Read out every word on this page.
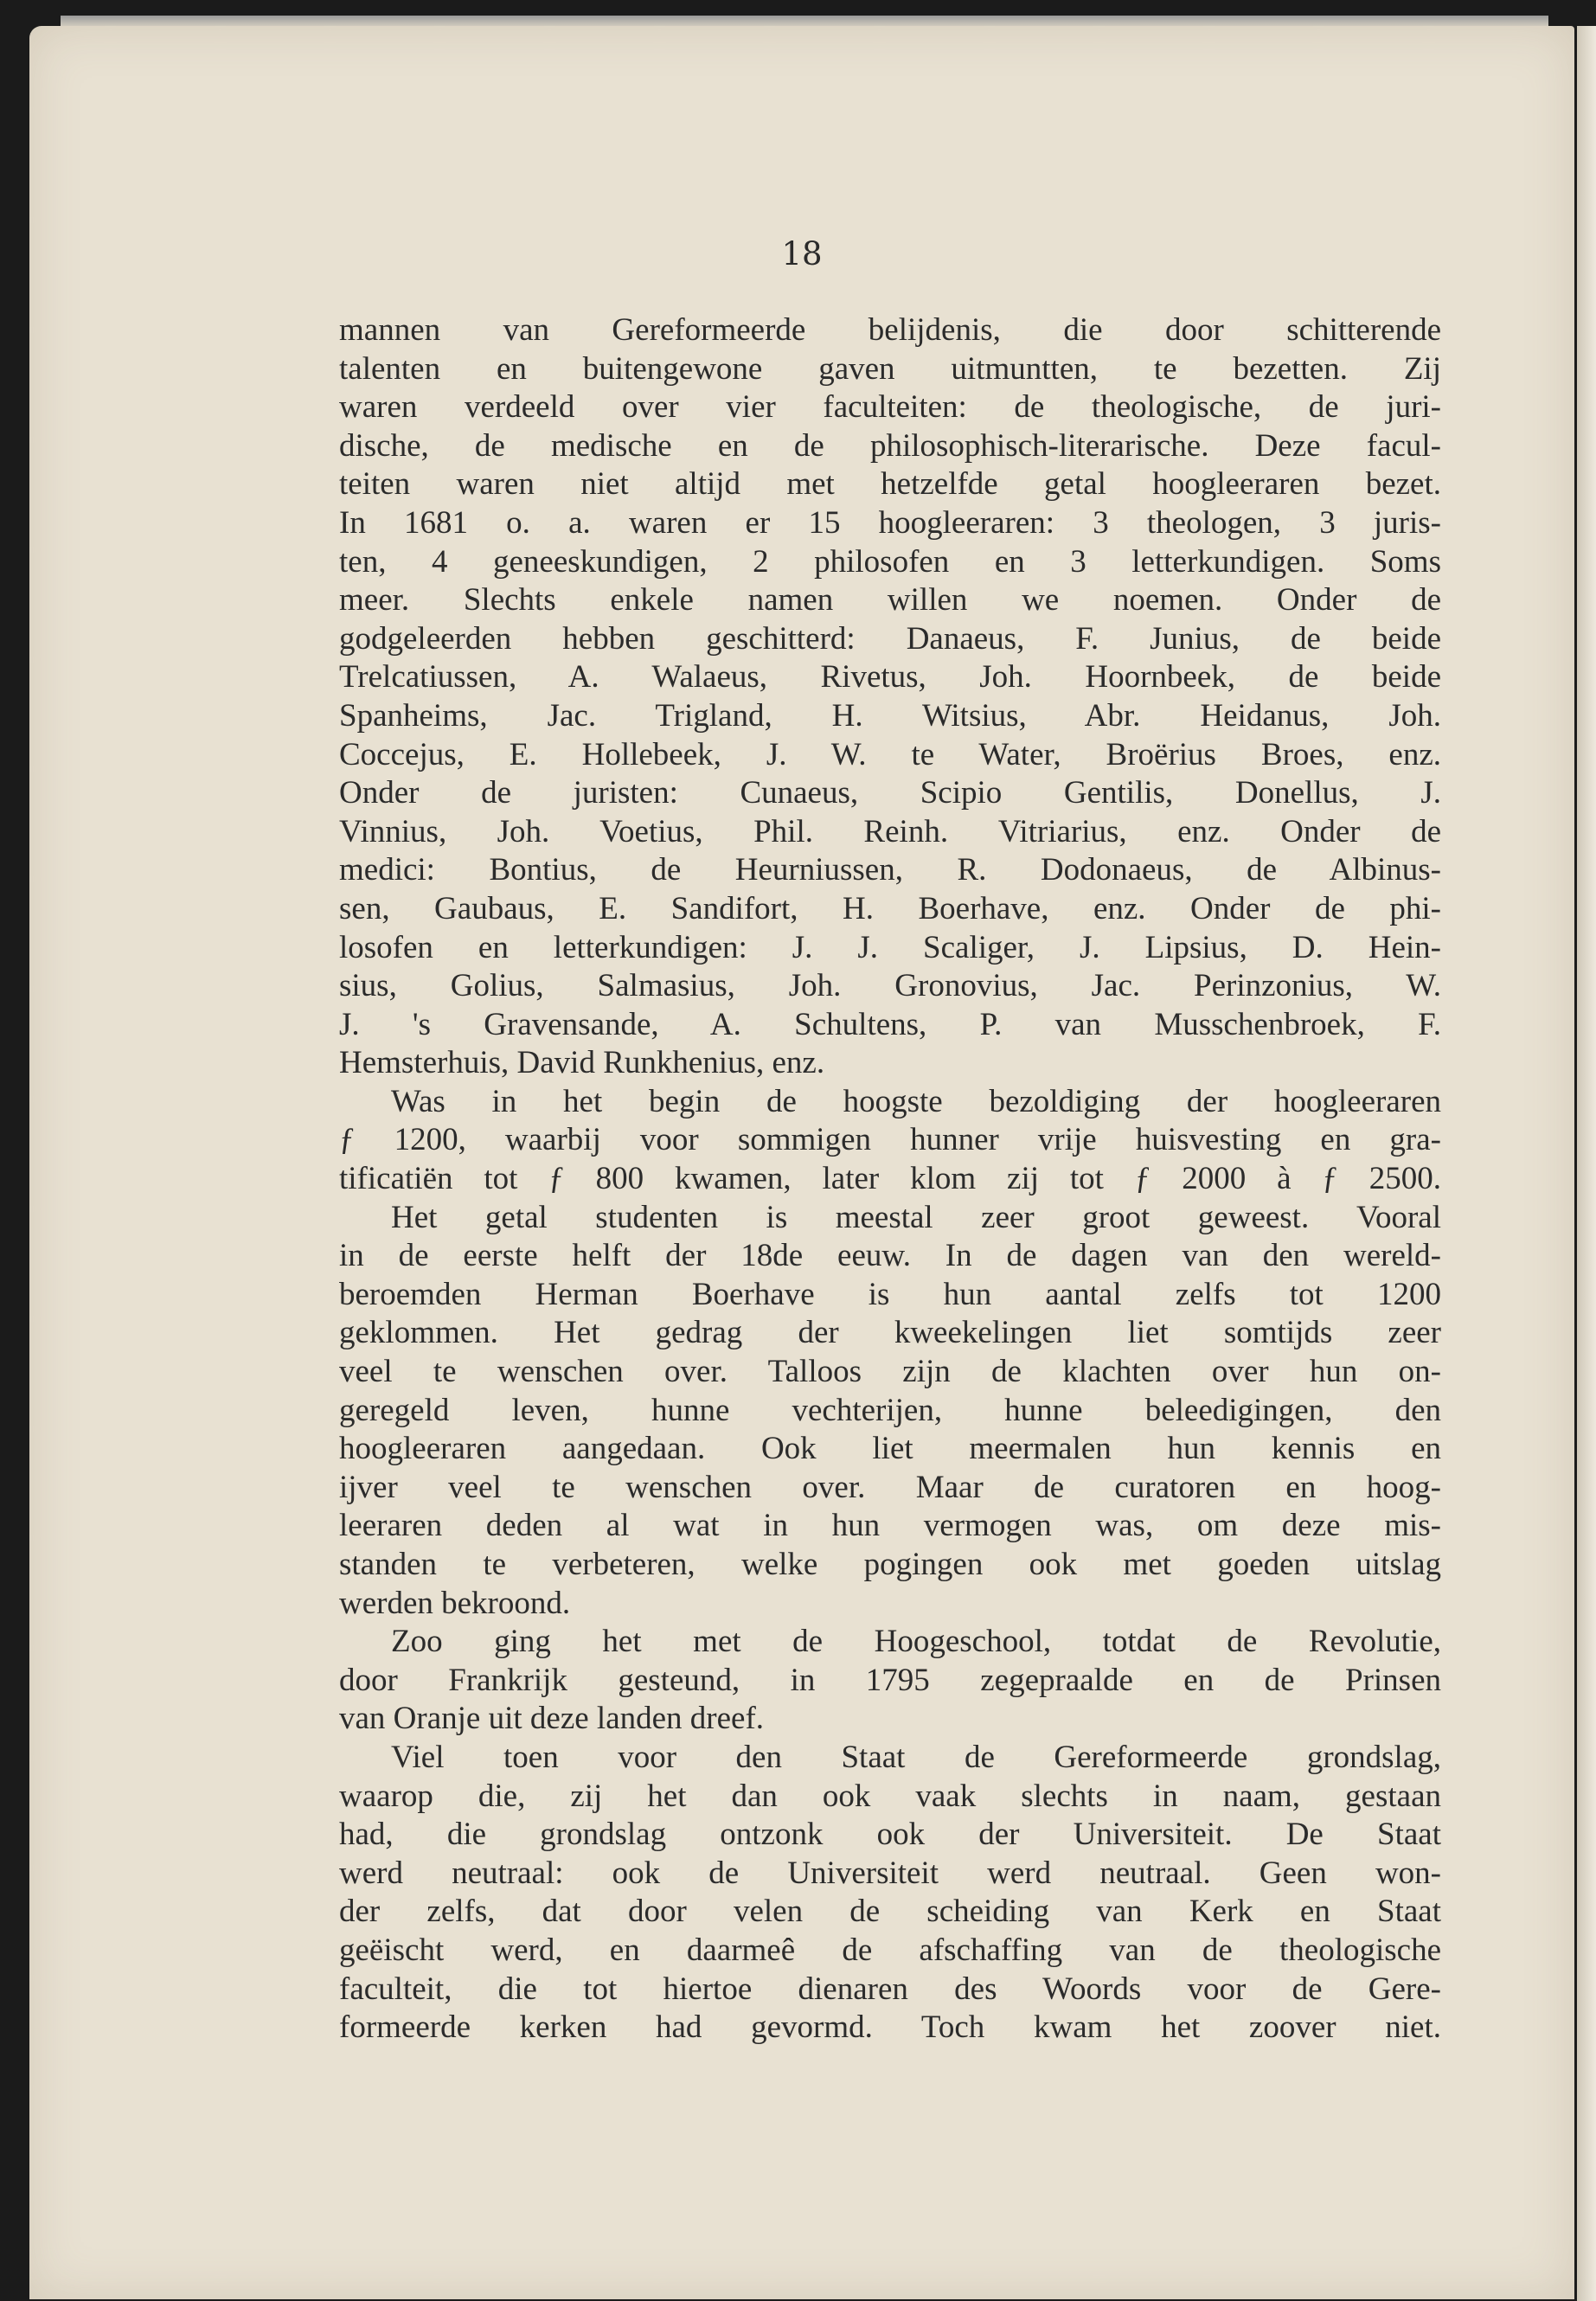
18
mannen van Gereformeerde belijdenis, die door schitterende
talenten en buitengewone gaven uitmuntten, te bezetten. Zij
waren verdeeld over vier faculteiten: de theologische, de juri-
dische, de medische en de philosophisch-literarische. Deze facul-
teiten waren niet altijd met hetzelfde getal hoogleeraren bezet.
In 1681 o. a. waren er 15 hoogleeraren: 3 theologen, 3 juris-
ten, 4 geneeskundigen, 2 philosofen en 3 letterkundigen. Soms
meer. Slechts enkele namen willen we noemen. Onder de
godgeleerden hebben geschitterd: Danaeus, F. Junius, de beide
Trelcatiussen, A. Walaeus, Rivetus, Joh. Hoornbeek, de beide
Spanheims, Jac. Trigland, H. Witsius, Abr. Heidanus, Joh.
Coccejus, E. Hollebeek, J. W. te Water, Broërius Broes, enz.
Onder de juristen: Cunaeus, Scipio Gentilis, Donellus, J.
Vinnius, Joh. Voetius, Phil. Reinh. Vitriarius, enz. Onder de
medici: Bontius, de Heurniussen, R. Dodonaeus, de Albinus-
sen, Gaubaus, E. Sandifort, H. Boerhave, enz. Onder de phi-
losofen en letterkundigen: J. J. Scaliger, J. Lipsius, D. Hein-
sius, Golius, Salmasius, Joh. Gronovius, Jac. Perinzonius, W.
J. 's Gravensande, A. Schultens, P. van Musschenbroek, F.
Hemsterhuis, David Runkhenius, enz.
Was in het begin de hoogste bezoldiging der hoogleeraren
ƒ 1200, waarbij voor sommigen hunner vrije huisvesting en gra-
tificatiën tot ƒ 800 kwamen, later klom zij tot ƒ 2000 à ƒ 2500.
Het getal studenten is meestal zeer groot geweest. Vooral
in de eerste helft der 18de eeuw. In de dagen van den wereld-
beroemden Herman Boerhave is hun aantal zelfs tot 1200
geklommen. Het gedrag der kweekelingen liet somtijds zeer
veel te wenschen over. Talloos zijn de klachten over hun on-
geregeld leven, hunne vechterijen, hunne beleedigingen, den
hoogleeraren aangedaan. Ook liet meermalen hun kennis en
ijver veel te wenschen over. Maar de curatoren en hoog-
leeraren deden al wat in hun vermogen was, om deze mis-
standen te verbeteren, welke pogingen ook met goeden uitslag
werden bekroond.
Zoo ging het met de Hoogeschool, totdat de Revolutie,
door Frankrijk gesteund, in 1795 zegepraalde en de Prinsen
van Oranje uit deze landen dreef.
Viel toen voor den Staat de Gereformeerde grondslag,
waarop die, zij het dan ook vaak slechts in naam, gestaan
had, die grondslag ontzonk ook der Universiteit. De Staat
werd neutraal: ook de Universiteit werd neutraal. Geen won-
der zelfs, dat door velen de scheiding van Kerk en Staat
geëischt werd, en daarmeê de afschaffing van de theologische
faculteit, die tot hiertoe dienaren des Woords voor de Gere-
formeerde kerken had gevormd. Toch kwam het zoover niet.
